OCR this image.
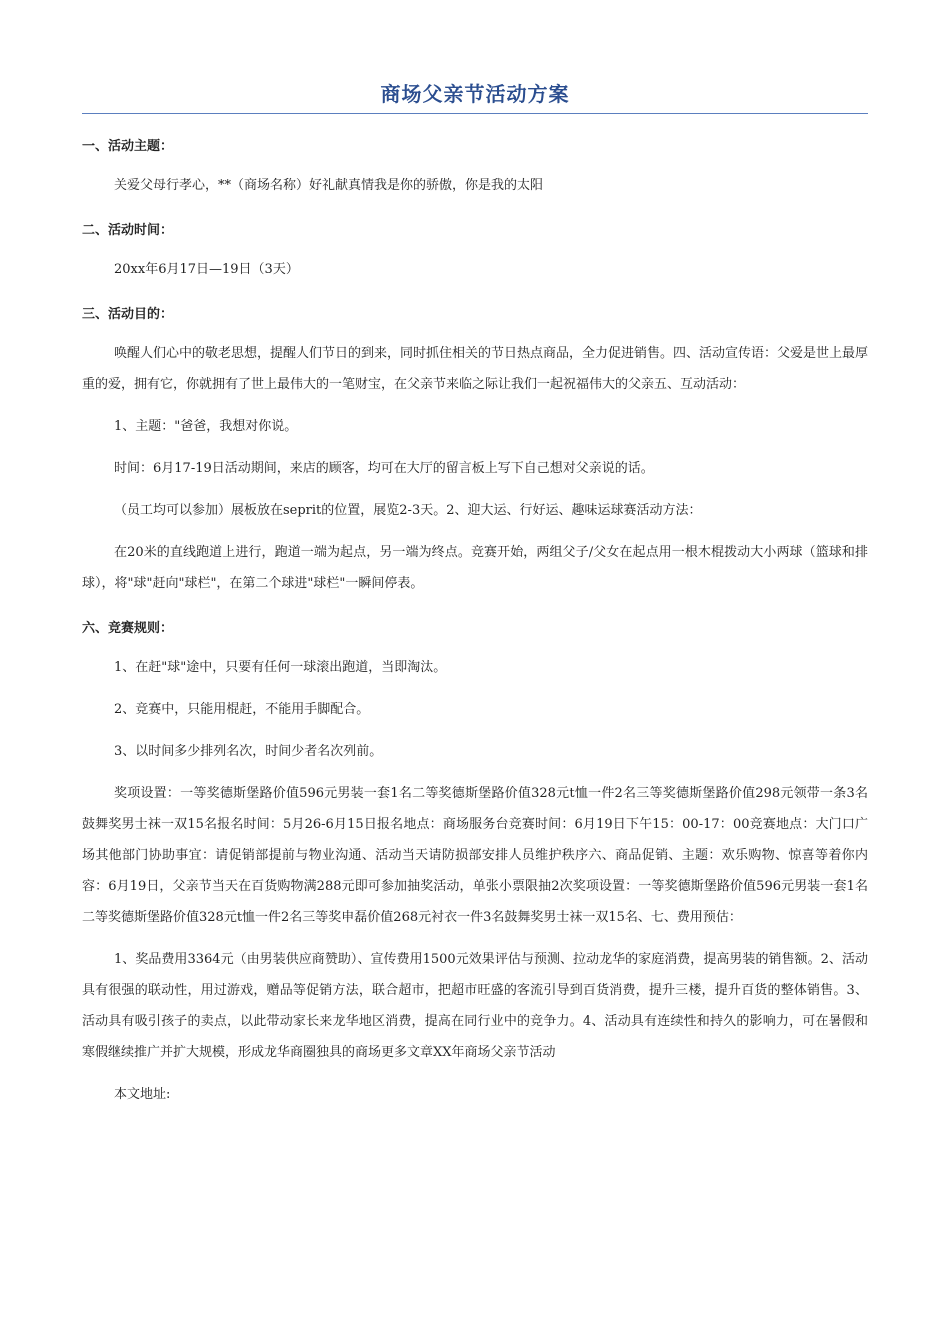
商场父亲节活动方案
一、活动主题：

关爱父母行孝心，**（商场名称）好礼献真情我是你的骄傲，你是我的太阳

二、活动时间：

20xx年6月17日—19日（3天）

三、活动目的：

唤醒人们心中的敬老思想，提醒人们节日的到来，同时抓住相关的节日热点商品，全力促进销售。四、活动宣传语：父爱是世上最厚重的爱，拥有它，你就拥有了世上最伟大的一笔财宝，在父亲节来临之际让我们一起祝福伟大的父亲五、互动活动：

1、主题："爸爸，我想对你说。

时间：6月17-19日活动期间，来店的顾客，均可在大厅的留言板上写下自己想对父亲说的话。

（员工均可以参加）展板放在seprit的位置，展览2-3天。2、迎大运、行好运、趣味运球赛活动方法：

在20米的直线跑道上进行，跑道一端为起点，另一端为终点。竞赛开始，两组父子/父女在起点用一根木棍拨动大小两球（篮球和排球），将"球"赶向"球栏"，在第二个球进"球栏"一瞬间停表。

六、竞赛规则：

1、在赶"球"途中，只要有任何一球滚出跑道，当即淘汰。

2、竞赛中，只能用棍赶，不能用手脚配合。

3、以时间多少排列名次，时间少者名次列前。

奖项设置：一等奖德斯堡路价值596元男装一套1名二等奖德斯堡路价值328元t恤一件2名三等奖德斯堡路价值298元领带一条3名鼓舞奖男士袜一双15名报名时间：5月26-6月15日报名地点：商场服务台竞赛时间：6月19日下午15：00-17：00竞赛地点：大门口广场其他部门协助事宜：请促销部提前与物业沟通、活动当天请防损部安排人员维护秩序六、商品促销、主题：欢乐购物、惊喜等着你内容：6月19日，父亲节当天在百货购物满288元即可参加抽奖活动，单张小票限抽2次奖项设置：一等奖德斯堡路价值596元男装一套1名二等奖德斯堡路价值328元t恤一件2名三等奖申磊价值268元衬衣一件3名鼓舞奖男士袜一双15名、七、费用预估：

1、奖品费用3364元（由男装供应商赞助）、宣传费用1500元效果评估与预测、拉动龙华的家庭消费，提高男装的销售额。2、活动具有很强的联动性，用过游戏，赠品等促销方法，联合超市，把超市旺盛的客流引导到百货消费，提升三楼，提升百货的整体销售。3、活动具有吸引孩子的卖点，以此带动家长来龙华地区消费，提高在同行业中的竞争力。4、活动具有连续性和持久的影响力，可在暑假和寒假继续推广并扩大规模，形成龙华商圈独具的商场更多文章XX年商场父亲节活动

本文地址:
